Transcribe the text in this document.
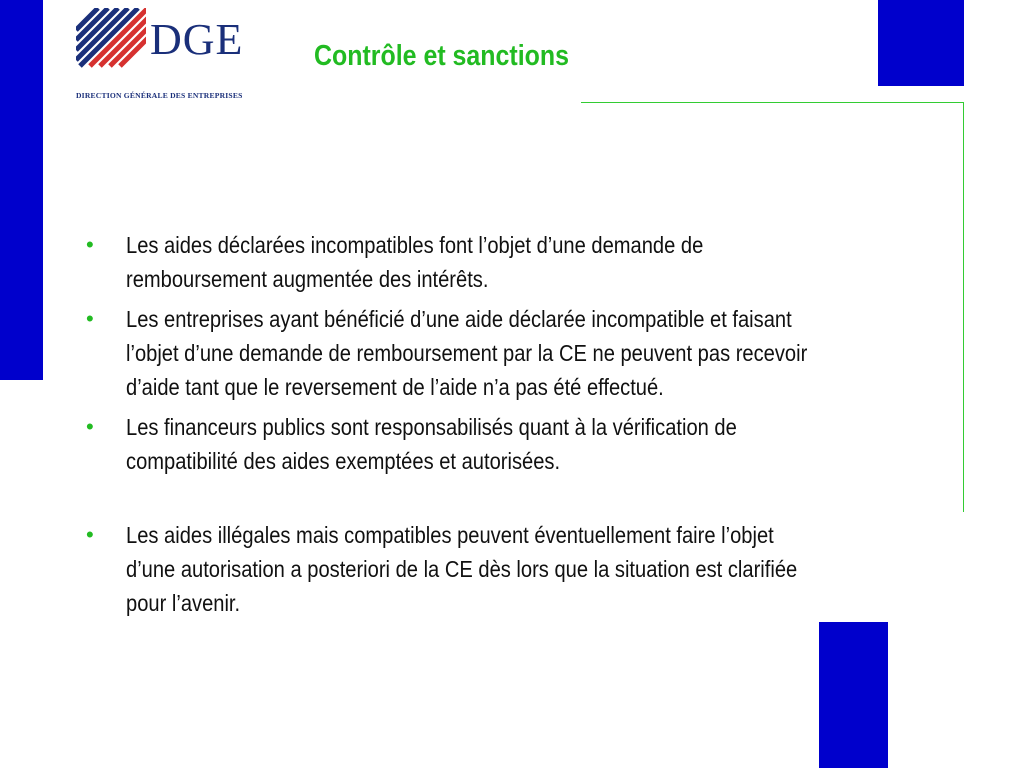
DGE
DIRECTION GÉNÉRALE DES ENTREPRISES
Contrôle et sanctions
• Les aides déclarées incompatibles font l’objet d’une demande de
remboursement augmentée des intérêts.
• Les entreprises ayant bénéficié d’une aide déclarée incompatible et faisant
l’objet d’une demande de remboursement par la CE ne peuvent pas recevoir
d’aide tant que le reversement de l’aide n’a pas été effectué.
• Les financeurs publics sont responsabilisés quant à la vérification de
compatibilité des aides exemptées et autorisées.
• Les aides illégales mais compatibles peuvent éventuellement faire l’objet
d’une autorisation a posteriori de la CE dès lors que la situation est clarifiée
pour l’avenir.
